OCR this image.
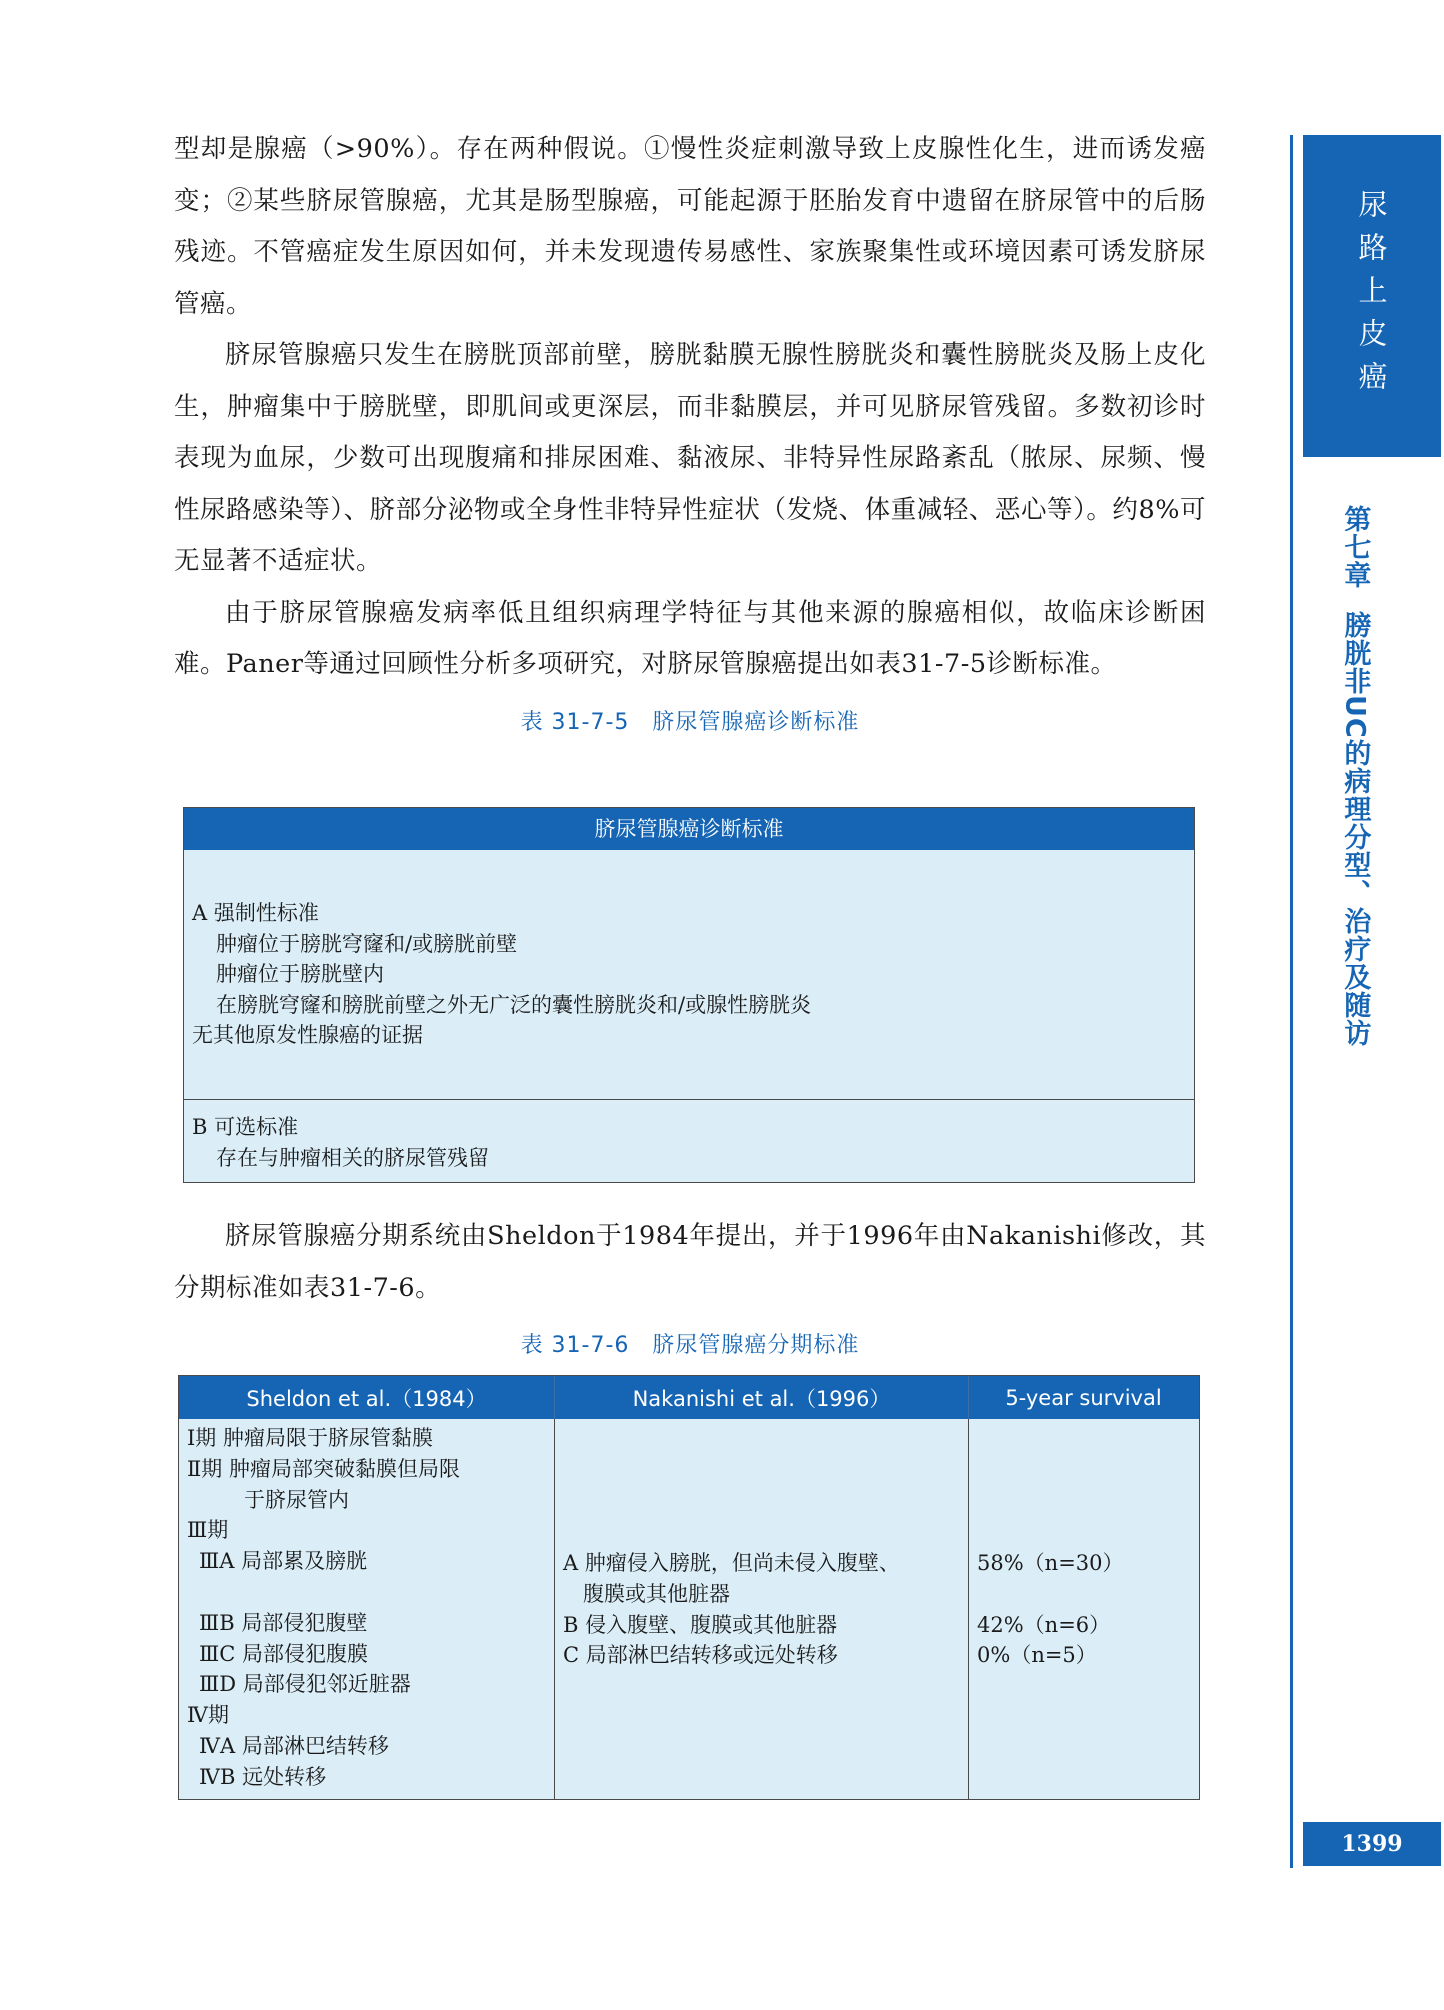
尿路上皮癌
第七章膀胱非UC的病理分型、治疗及随访
1399

型却是腺癌（>90%）。存在两种假说。①慢性炎症刺激导致上皮腺性化生，进而诱发癌变；②某些脐尿管腺癌，尤其是肠型腺癌，可能起源于胚胎发育中遗留在脐尿管中的后肠残迹。不管癌症发生原因如何，并未发现遗传易感性、家族聚集性或环境因素可诱发脐尿管癌。

脐尿管腺癌只发生在膀胱顶部前壁，膀胱黏膜无腺性膀胱炎和囊性膀胱炎及肠上皮化生，肿瘤集中于膀胱壁，即肌间或更深层，而非黏膜层，并可见脐尿管残留。多数初诊时表现为血尿，少数可出现腹痛和排尿困难、黏液尿、非特异性尿路紊乱（脓尿、尿频、慢性尿路感染等）、脐部分泌物或全身性非特异性症状（发烧、体重减轻、恶心等）。约8%可无显著不适症状。

由于脐尿管腺癌发病率低且组织病理学特征与其他来源的腺癌相似，故临床诊断困难。Paner等通过回顾性分析多项研究，对脐尿管腺癌提出如表31-7-5诊断标准。

表 31-7-5　脐尿管腺癌诊断标准
脐尿管腺癌诊断标准
A 强制性标准
肿瘤位于膀胱穹窿和/或膀胱前壁
肿瘤位于膀胱壁内
在膀胱穹窿和膀胱前壁之外无广泛的囊性膀胱炎和/或腺性膀胱炎
无其他原发性腺癌的证据
B 可选标准
存在与肿瘤相关的脐尿管残留

脐尿管腺癌分期系统由Sheldon于1984年提出，并于1996年由Nakanishi修改，其分期标准如表31-7-6。

表 31-7-6　脐尿管腺癌分期标准
Sheldon et al.（1984）	Nakanishi et al.（1996）	5-year survival
Ⅰ期 肿瘤局限于脐尿管黏膜
Ⅱ期 肿瘤局部突破黏膜但局限
于脐尿管内
Ⅲ期
ⅢA 局部累及膀胱
ⅢB 局部侵犯腹壁
ⅢC 局部侵犯腹膜
ⅢD 局部侵犯邻近脏器
Ⅳ期
ⅣA 局部淋巴结转移
ⅣB 远处转移
A 肿瘤侵入膀胱，但尚未侵入腹壁、
腹膜或其他脏器
B 侵入腹壁、腹膜或其他脏器
C 局部淋巴结转移或远处转移
58%（n=30）
42%（n=6）
0%（n=5）
